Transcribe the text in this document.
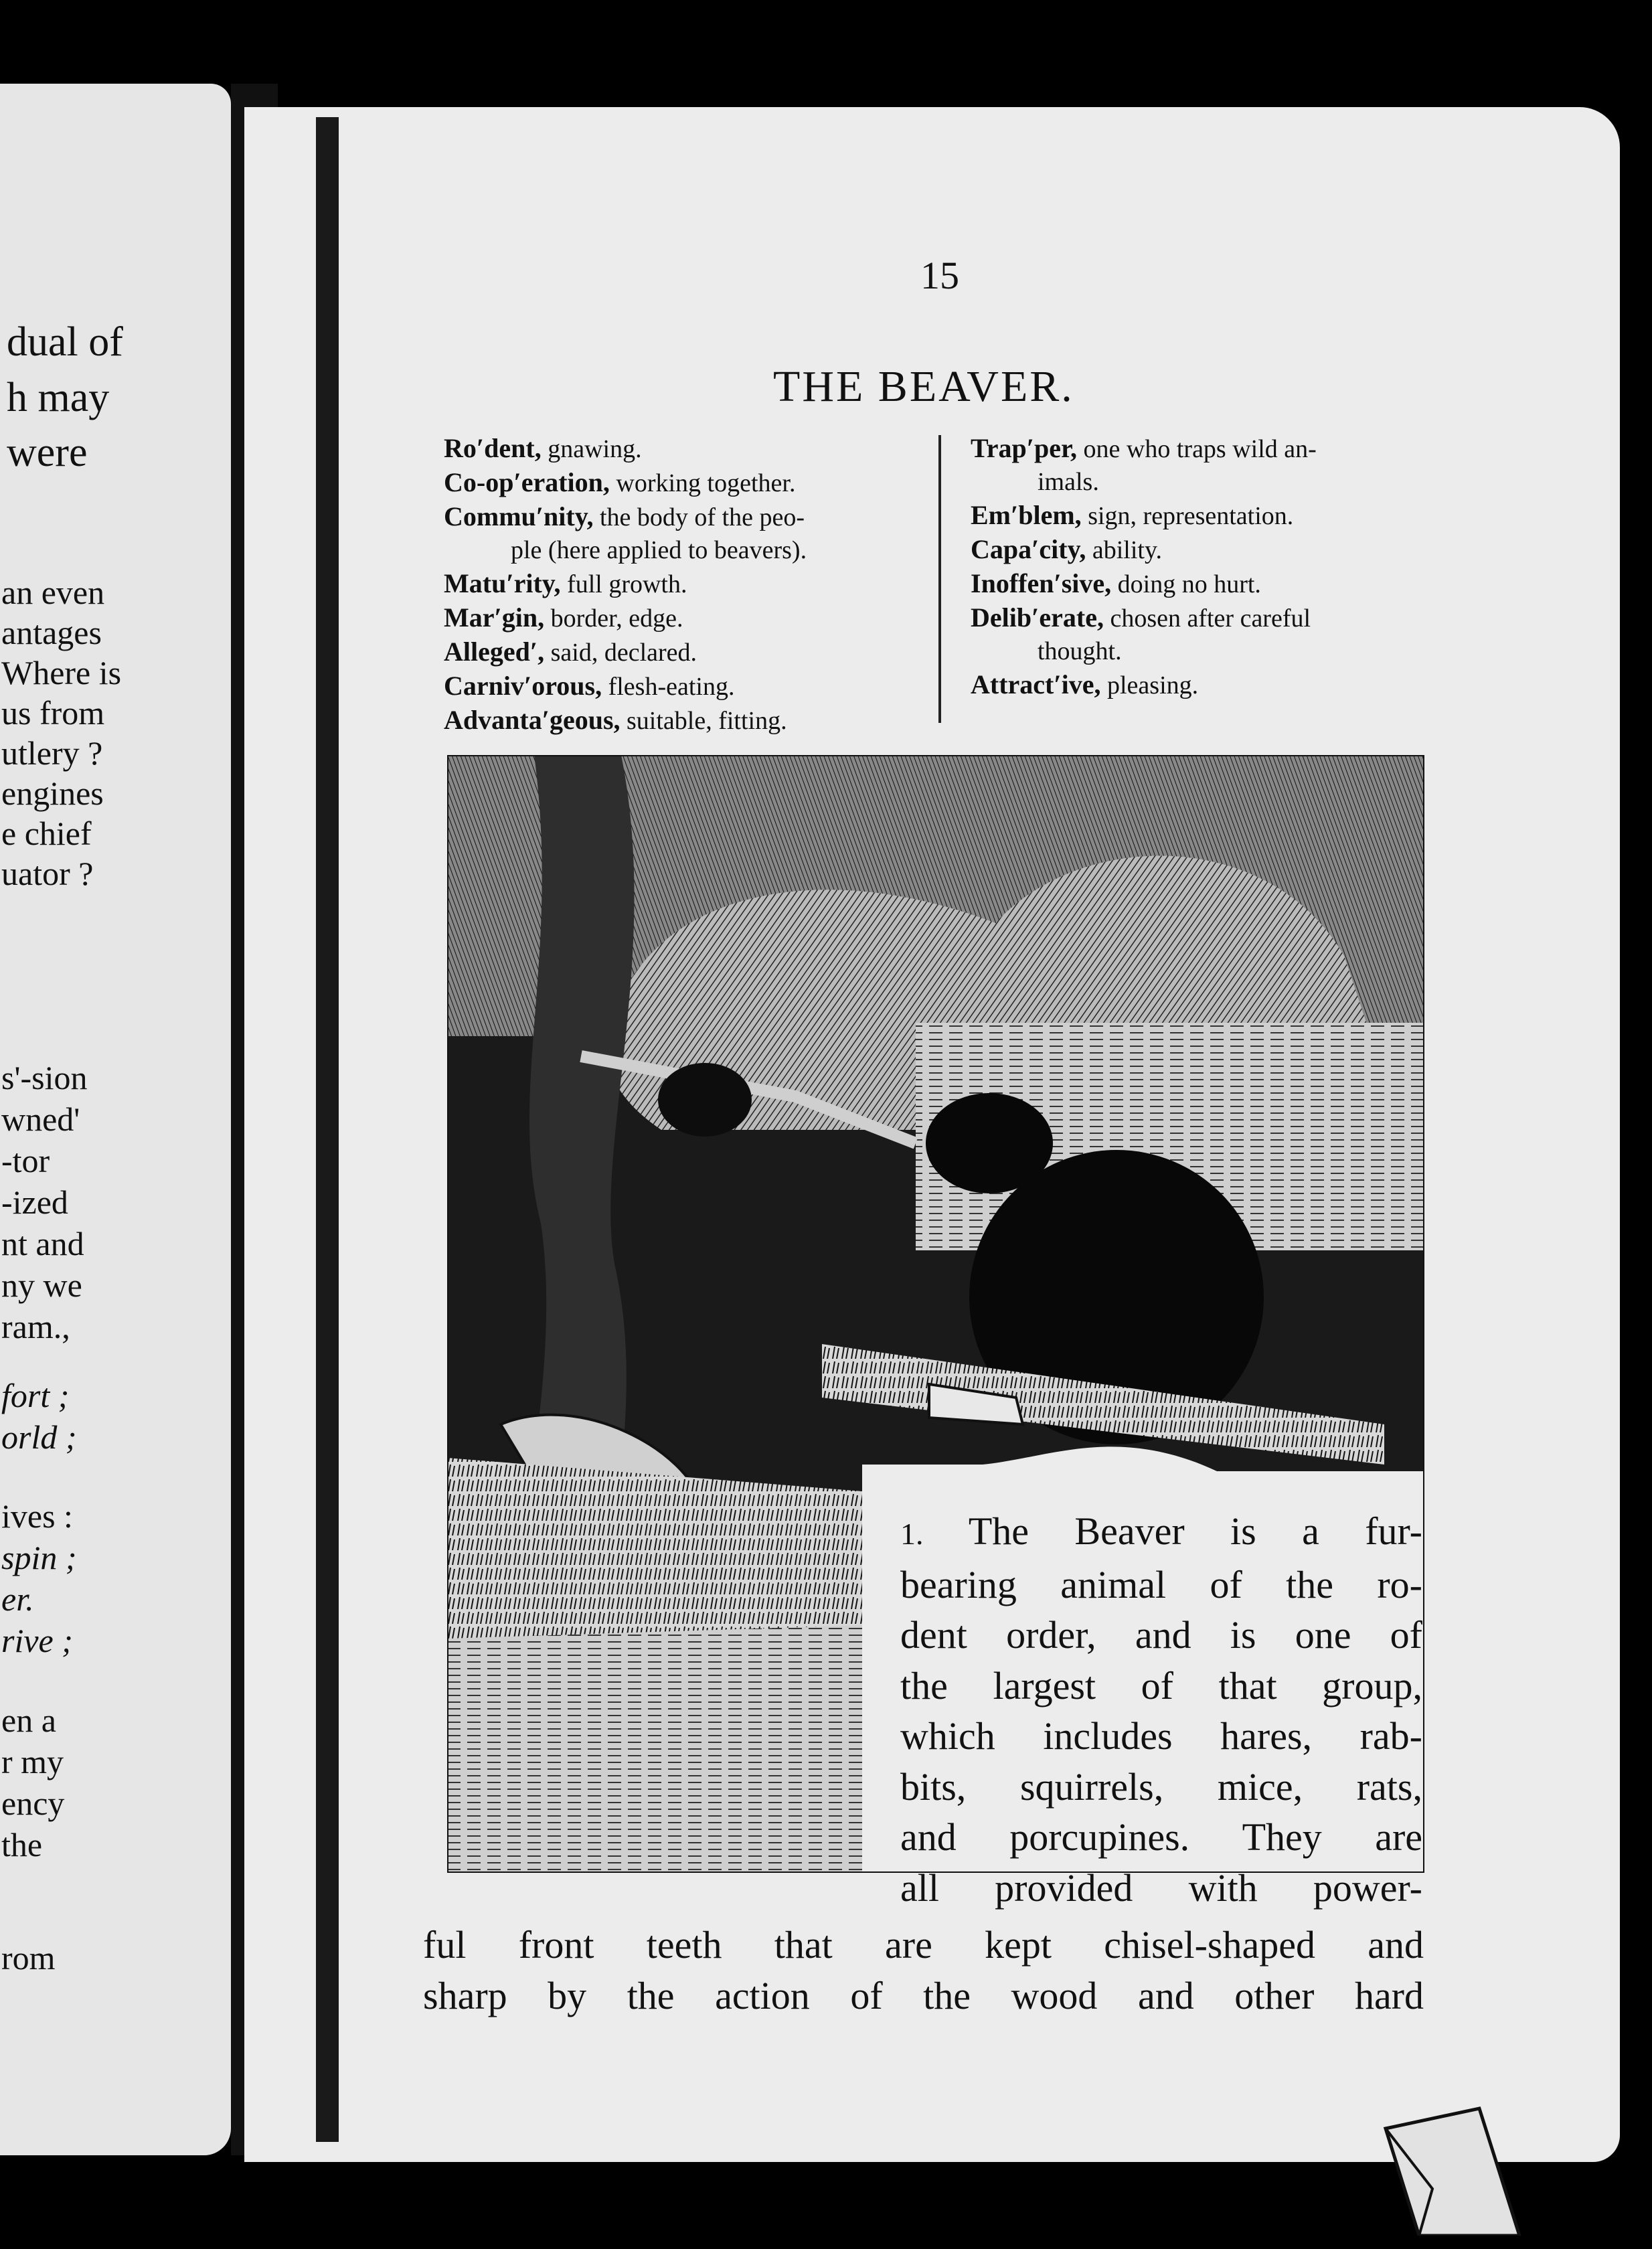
dual of
h may
were
an even
antages
Where is
us from
utlery ?
engines
e chief
uator ?
s'-sion
wned'
-tor
-ized
nt and
ny we
ram.,
fort ;
orld ;
ives :
spin ;
er.
rive ;
en a
r my
ency
the
rom
15
THE BEAVER.
Ro′dent, gnawing.
Co-op′eration, working together.
Commu′nity, the body of the peo-
ple (here applied to beavers).
Matu′rity, full growth.
Mar′gin, border, edge.
Alleged′, said, declared.
Carniv′orous, flesh-eating.
Advanta′geous, suitable, fitting.
Trap′per, one who traps wild an-
imals.
Em′blem, sign, representation.
Capa′city, ability.
Inoffen′sive, doing no hurt.
Delib′erate, chosen after careful
thought.
Attract′ive, pleasing.
1. The Beaver is a fur-
bearing animal of the ro-
dent order, and is one of
the largest of that group,
which includes hares, rab-
bits, squirrels, mice, rats,
and porcupines. They are
all provided with power-
ful front teeth that are kept chisel-shaped and
sharp by the action of the wood and other hard
